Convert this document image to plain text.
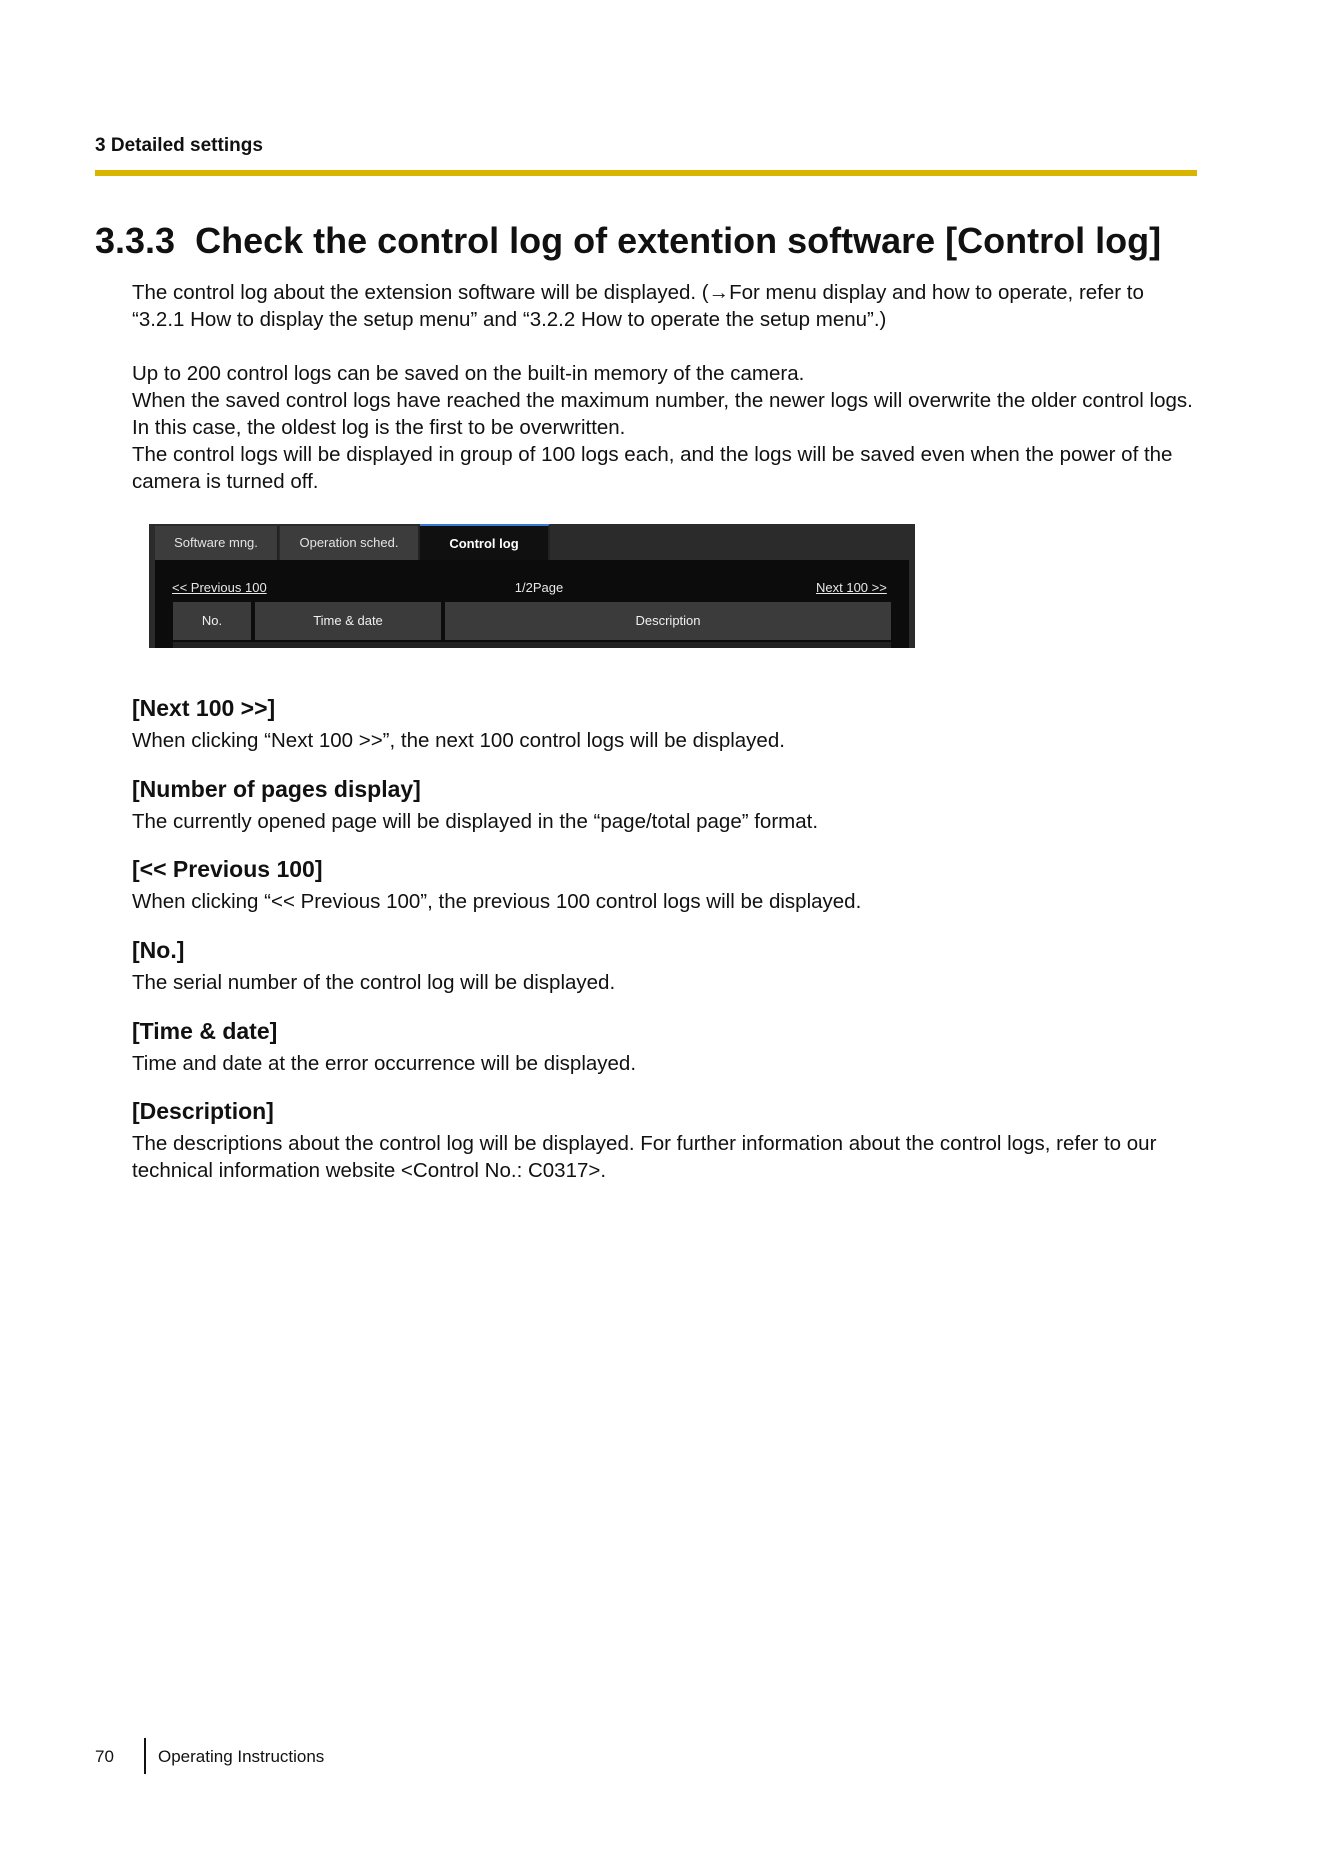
3 Detailed settings
3.3.3 Check the control log of extention software [Control log]

The control log about the extension software will be displayed. (→For menu display and how to operate, refer to “3.2.1 How to display the setup menu” and “3.2.2 How to operate the setup menu”.)

Up to 200 control logs can be saved on the built-in memory of the camera.

When the saved control logs have reached the maximum number, the newer logs will overwrite the older control logs. In this case, the oldest log is the first to be overwritten.

The control logs will be displayed in group of 100 logs each, and the logs will be saved even when the power of the camera is turned off.

Software mng.	Operation sched.	Control log
<< Previous 100	1/2Page	Next 100 >>
No.	Time & date	Description
[Next 100 >>]
When clicking “Next 100 >>”, the next 100 control logs will be displayed.
[Number of pages display]
The currently opened page will be displayed in the “page/total page” format.
[<< Previous 100]
When clicking “<< Previous 100”, the previous 100 control logs will be displayed.
[No.]
The serial number of the control log will be displayed.
[Time & date]
Time and date at the error occurrence will be displayed.
[Description]
The descriptions about the control log will be displayed. For further information about the control logs, refer to our technical information website <Control No.: C0317>.
70	Operating Instructions
